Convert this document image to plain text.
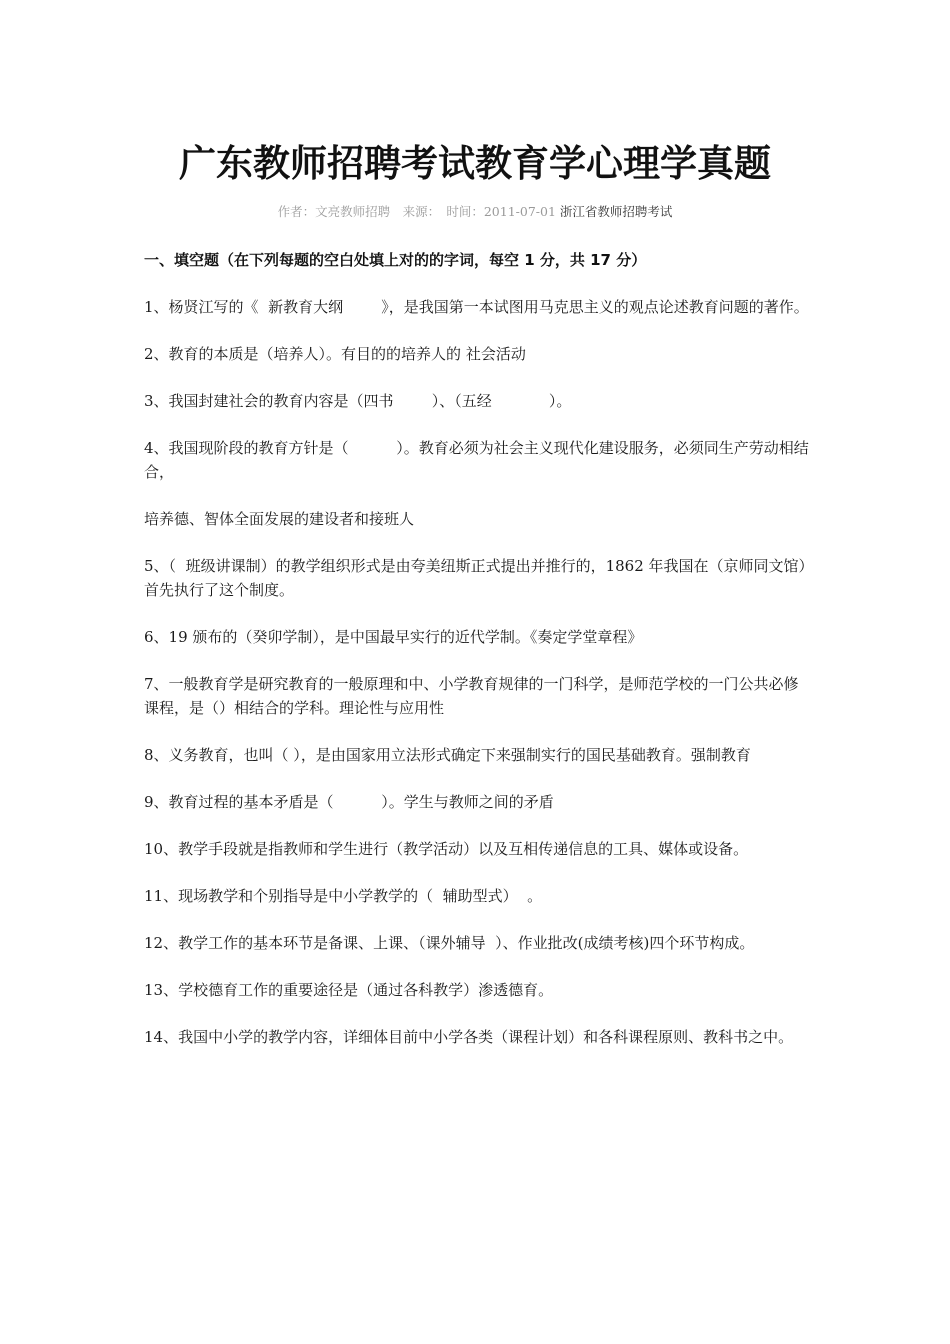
广东教师招聘考试教育学心理学真题
作者：文亮教师招聘　来源：　时间：2011-07-01 浙江省教师招聘考试

一、填空题（在下列每题的空白处填上对的的字词，每空 1 分，共 17 分）

1、杨贤江写的《  新教育大纲        》，是我国第一本试图用马克思主义的观点论述教育问题的著作。

2、教育的本质是（培养人）。有目的的培养人的 社会活动

3、我国封建社会的教育内容是（四书        ）、（五经            ）。

4、我国现阶段的教育方针是（          ）。教育必须为社会主义现代化建设服务，必须同生产劳动相结合，

培养德、智体全面发展的建设者和接班人

5、（  班级讲课制）的教学组织形式是由夸美纽斯正式提出并推行的，1862 年我国在（京师同文馆）首先执行了这个制度。

6、19 颁布的（癸卯学制），是中国最早实行的近代学制。《奏定学堂章程》

7、一般教育学是研究教育的一般原理和中、小学教育规律的一门科学，是师范学校的一门公共必修课程，是（）相结合的学科。理论性与应用性

8、义务教育，也叫（ ），是由国家用立法形式确定下来强制实行的国民基础教育。强制教育

9、教育过程的基本矛盾是（          ）。学生与教师之间的矛盾

10、教学手段就是指教师和学生进行（教学活动）以及互相传递信息的工具、媒体或设备。

11、现场教学和个别指导是中小学教学的（  辅助型式）  。

12、教学工作的基本环节是备课、上课、（课外辅导  ）、作业批改(成绩考核)四个环节构成。

13、学校德育工作的重要途径是（通过各科教学）渗透德育。

14、我国中小学的教学内容，详细体目前中小学各类（课程计划）和各科课程原则、教科书之中。
